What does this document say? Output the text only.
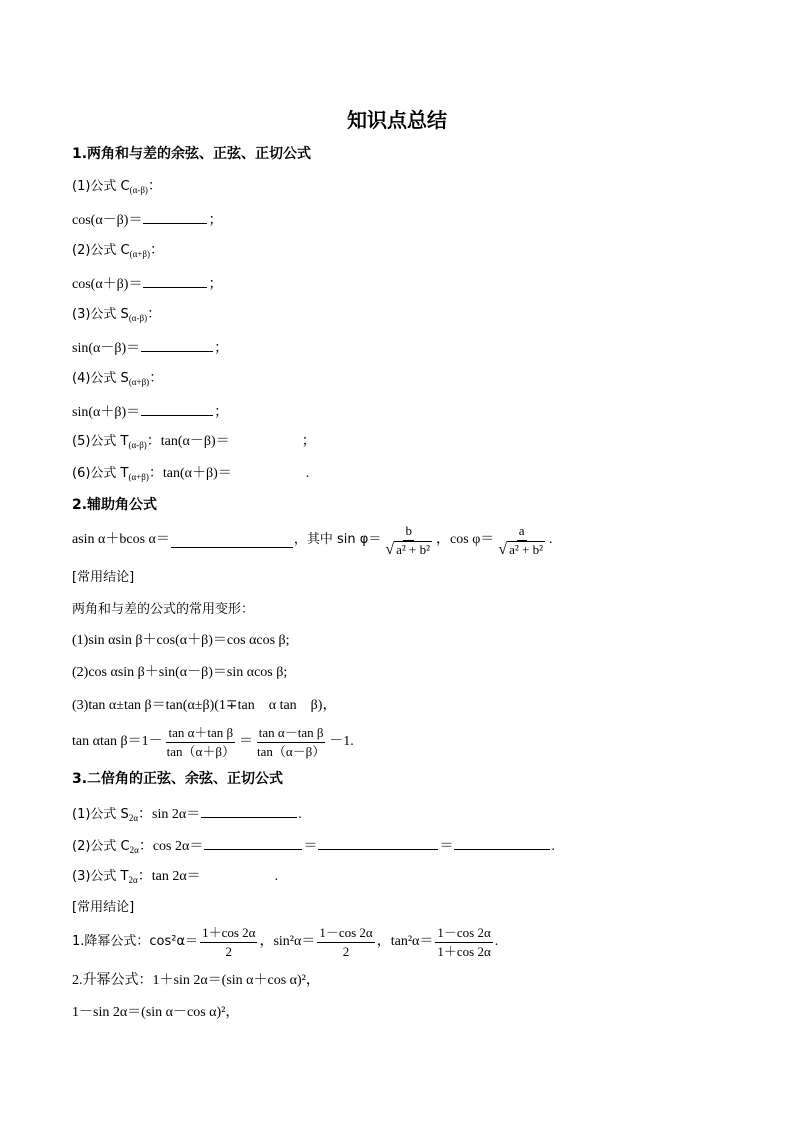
知识点总结
1.两角和与差的余弦、正弦、正切公式
(1)公式 $C_{(\alpha-\beta)}$：
cos(α－β)＝	；
(2)公式 $C_{(\alpha+\beta)}$：
cos(α＋β)＝	；
(3)公式 $S_{(\alpha-\beta)}$：
sin(α－β)＝	；
(4)公式 $S_{(\alpha+\beta)}$：
sin(α＋β)＝	；
(5)公式 $T_{(\alpha-\beta)}$：tan(α－β)＝	；
(6)公式 $T_{(\alpha+\beta)}$：tan(α＋β)＝	.
2.辅助角公式
asin α＋bcos α＝	，其中 $\sin \varphi= \frac{b}{\text{√ a² + b²}}$ ，$\cos \varphi= \frac{a}{\text{√ a² + b²}}$ .
[常用结论]
两角和与差的公式的常用变形：
(1)sin αsin β＋cos(α＋β)＝cos αcos β;
(2)cos αsin β＋sin(α－β)＝sin αcos β;
(3)tan α±tan β＝tan(α±β)(1∓tan　α tan　β)，
tan αtan $\beta=1- \frac{\text{tan α＋tan β}}{\tan(\alpha+\beta)} = \frac{\text{tan α－tan β}}{\tan(\alpha-\beta)} -1$.
3.二倍角的正弦、余弦、正切公式
(1)公式 $S_{2\alpha}$：sin 2α＝	.
(2)公式 $C_{2\alpha}$：cos 2α＝	＝	＝	.
(3)公式 $T_{2\alpha}$：tan 2α＝	.
[常用结论]
1.降幂公式：$\cos^2\alpha= \frac{1+\cos 2\alpha}{2}$ ，$\sin^2\alpha= \frac{1-\cos 2\alpha}{2}$ ，$\tan^2\alpha= \frac{1-\cos 2\alpha}{1+\cos 2\alpha}$ .
2.升幂公式：1＋sin 2α＝(sin α＋cos α)²，
1－sin 2α＝(sin α－cos α)²，
